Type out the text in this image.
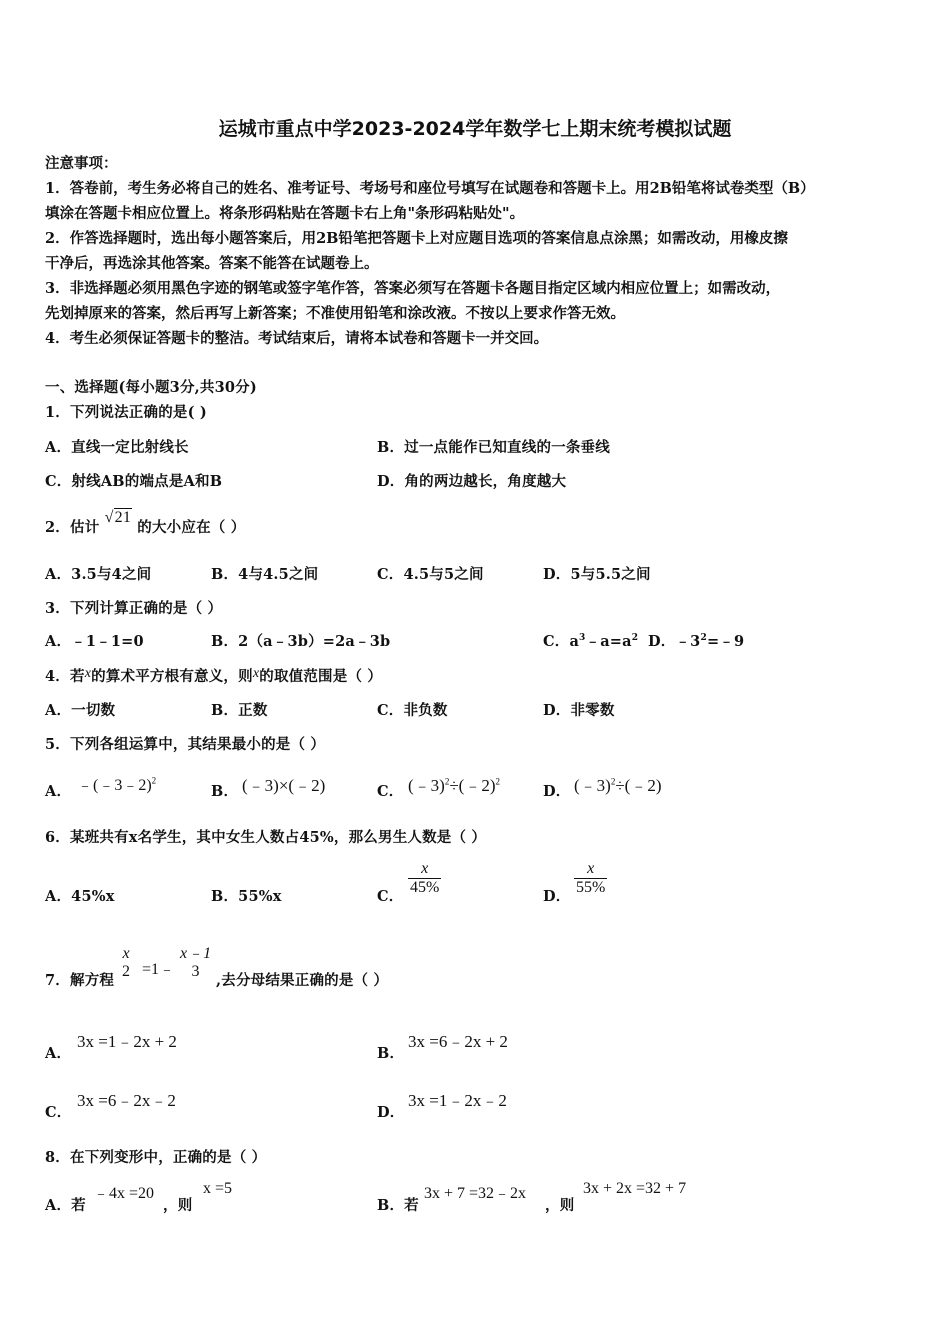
运城市重点中学2023-2024学年数学七上期末统考模拟试题
注意事项：
1．答卷前，考生务必将自己的姓名、准考证号、考场号和座位号填写在试题卷和答题卡上。用2B铅笔将试卷类型（B）
填涂在答题卡相应位置上。将条形码粘贴在答题卡右上角"条形码粘贴处"。
2．作答选择题时，选出每小题答案后，用2B铅笔把答题卡上对应题目选项的答案信息点涂黑；如需改动，用橡皮擦
干净后，再选涂其他答案。答案不能答在试题卷上。
3．非选择题必须用黑色字迹的钢笔或签字笔作答，答案必须写在答题卡各题目指定区域内相应位置上；如需改动，
先划掉原来的答案，然后再写上新答案；不准使用铅笔和涂改液。不按以上要求作答无效。
4．考生必须保证答题卡的整洁。考试结束后，请将本试卷和答题卡一并交回。
一、选择题(每小题3分,共30分)
1．下列说法正确的是( )
A．直线一定比射线长	B．过一点能作已知直线的一条垂线
C．射线AB的端点是A和B	D．角的两边越长，角度越大
2．估计 √21 的大小应在（ ）
A．3.5与4之间	B．4与4.5之间	C．4.5与5之间	D．5与5.5之间
3．下列计算正确的是（ ）
A．﹣1﹣1=0	B．2（a﹣3b）=2a﹣3b	C．$a^3﹣a=a^2$ D．$﹣3^2=﹣9$
4．若x的算术平方根有意义，则x的取值范围是（ ）
A．一切数	B．正数	C．非负数	D．非零数
5．下列各组运算中，其结果最小的是（ ）
A． ﹣(﹣3﹣2)$^2$
B． (﹣3)×(﹣2)	C． (﹣3)$^2$÷(﹣2)$^2$
D． (﹣3)$^2$÷(﹣2)
6．某班共有x名学生，其中女生人数占45%，那么男生人数是（ ）
A．45%x	B．55%x	C．
$\frac{x}{45\%}$
D．
$\frac{x}{55\%}$
7．解方程
x
2 =1﹣
x﹣1
3
,去分母结果正确的是（ ）
A．
3x =1﹣2x + 2
B．
3x =6﹣2x + 2
C．
3x =6﹣2x﹣2
D．
3x =1﹣2x﹣2
8．在下列变形中，正确的是（ ）
A．若
﹣4x =20
，则
x =5
B．若
3x + 7 =32﹣2x
，则
3x + 2x =32 + 7
